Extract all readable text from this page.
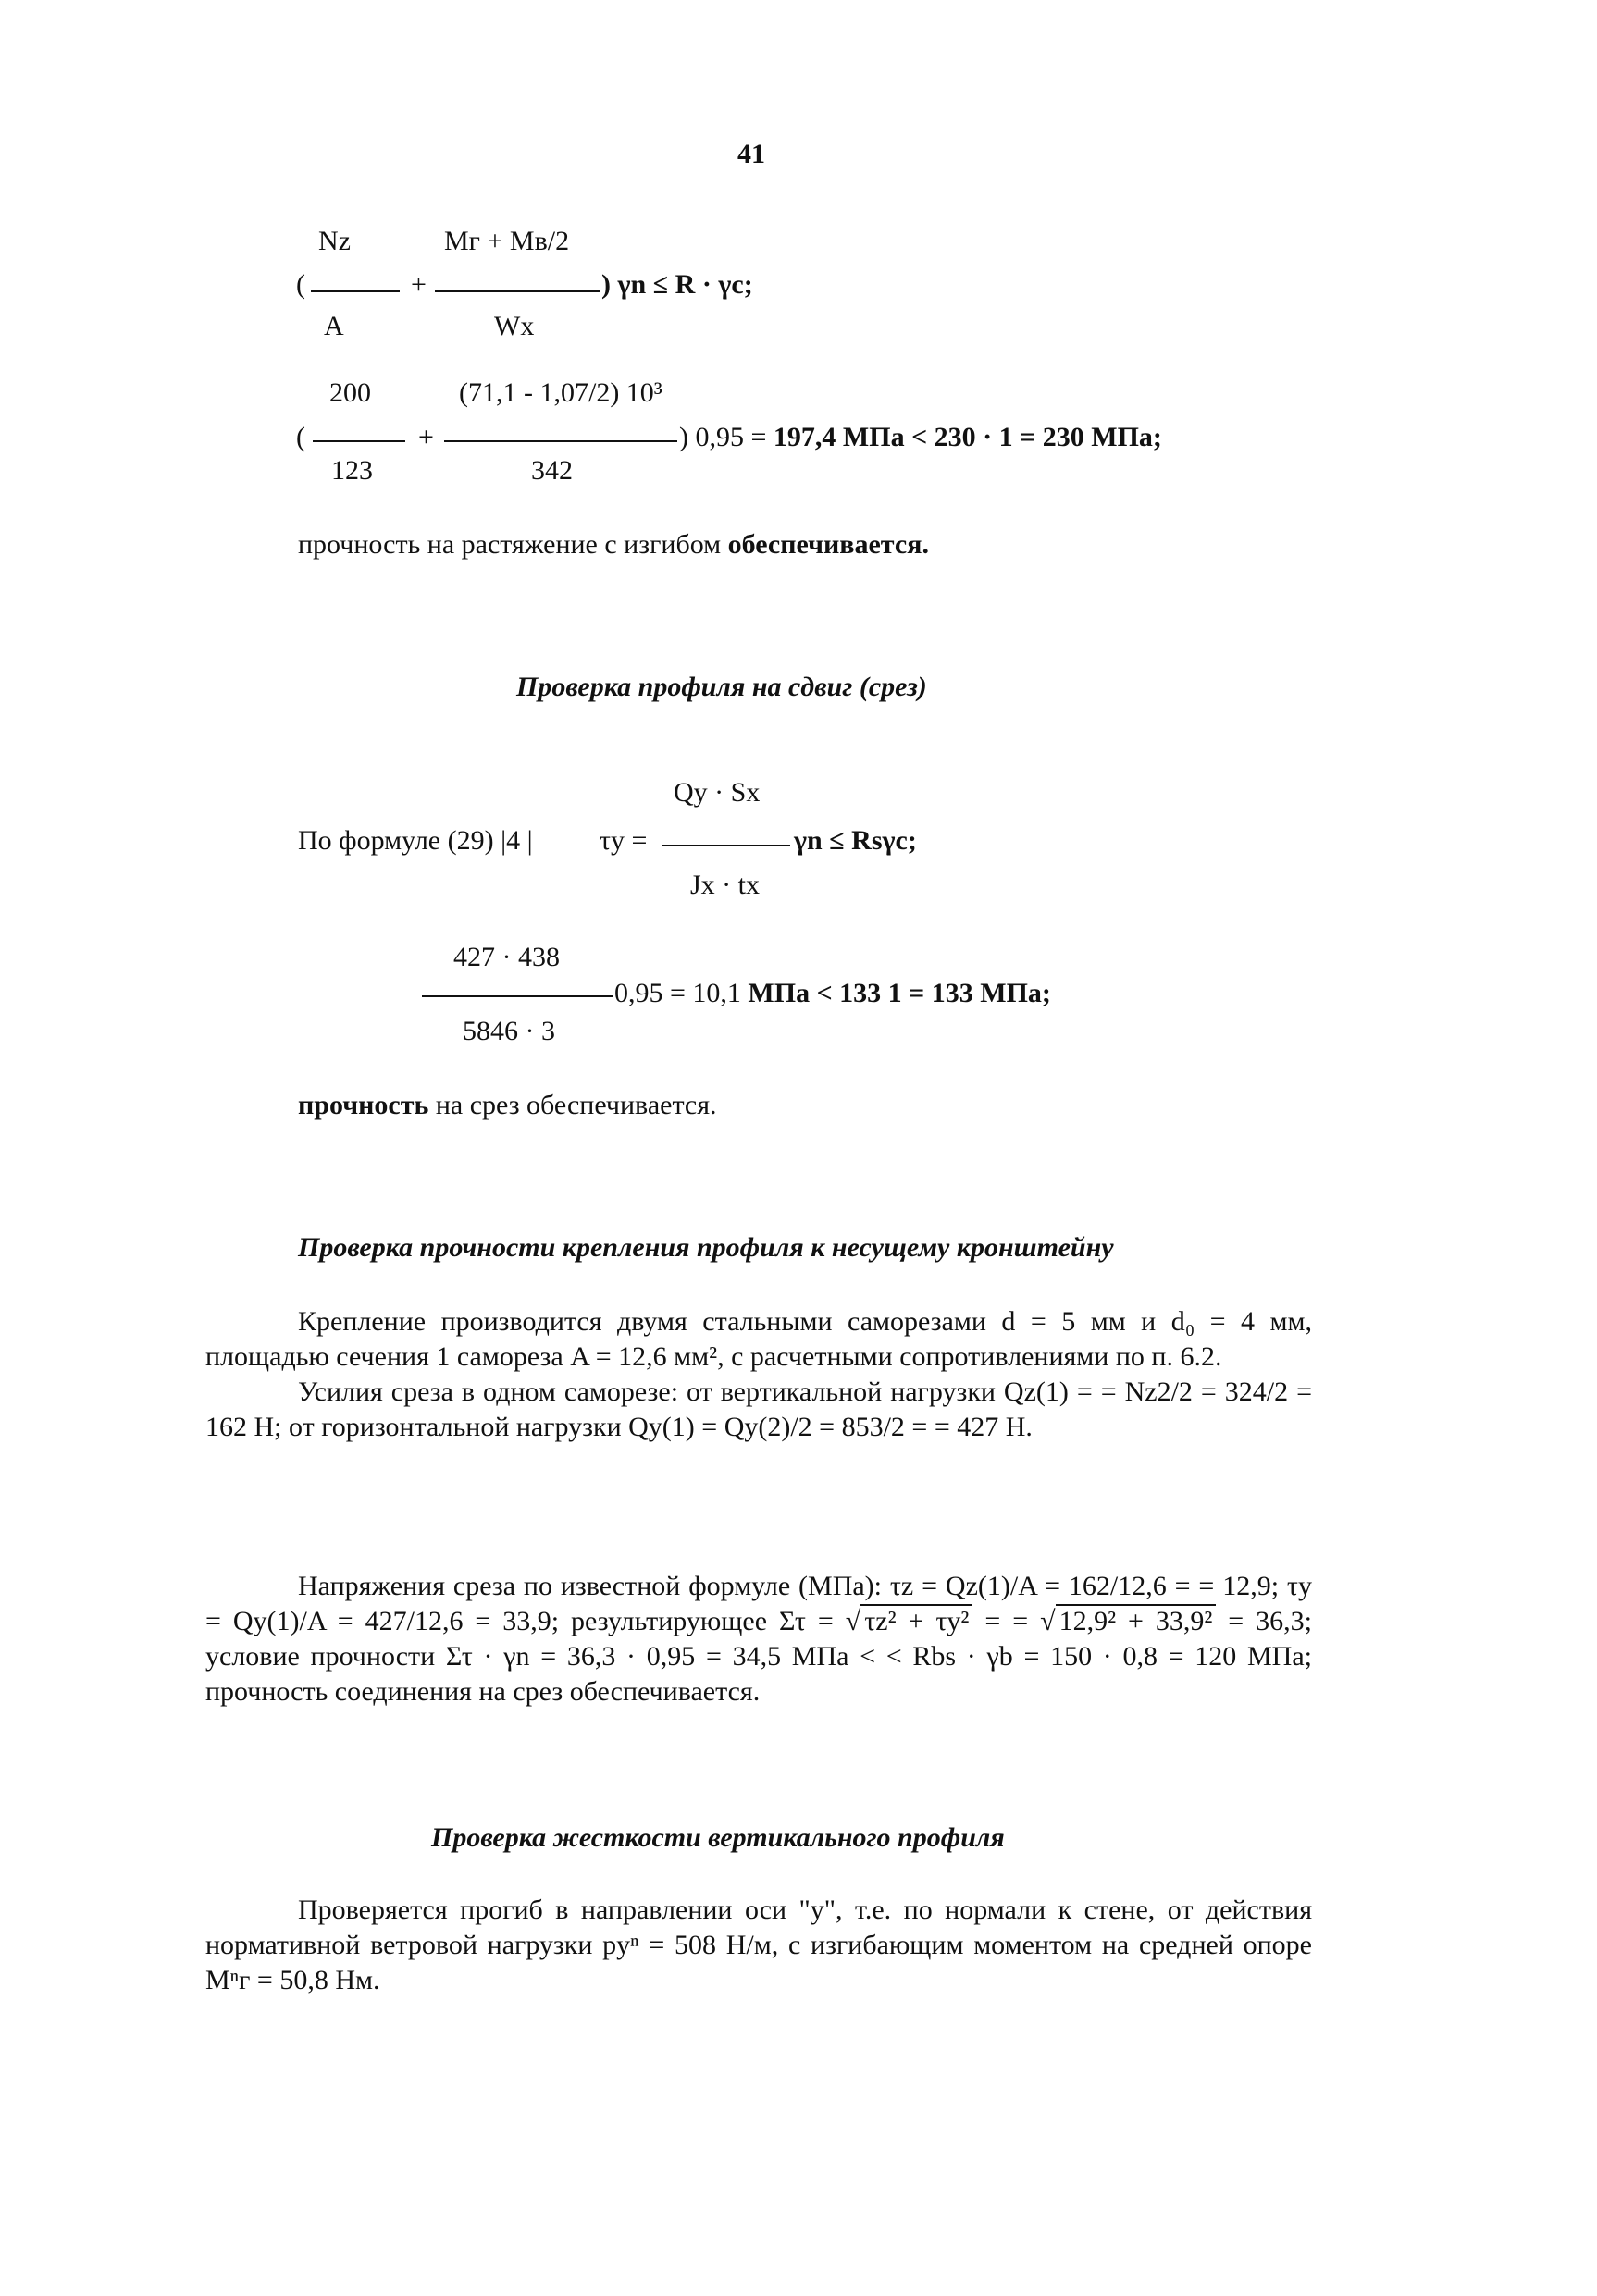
41
Nz	Mг + Mв/2
(	+	) γn ≤ R · γc;
A	Wx
200	(71,1 - 1,07/2) 10³
(	+	) 0,95 = 197,4 МПа < 230 · 1 = 230 МПа;
123	342
прочность на растяжение с изгибом обеспечивается.
Проверка профиля на сдвиг (срез)
Qy · Sx
По формуле (29) |4 | τy =	γn ≤ Rsγc;
Jx · tx
427 · 438
0,95 = 10,1 МПа < 133 1 = 133 МПа;
5846 · 3
прочность на срез обеспечивается.
Проверка прочности крепления профиля к несущему кронштейну

Крепление производится двумя стальными саморезами d = 5 мм и d₀ = 4 мм, площадью сечения 1 самореза A = 12,6 мм², с расчетными сопротивлениями по п. 6.2.

Усилия среза в одном саморезе: от вертикальной нагрузки Qz(1) = = Nz2/2 = 324/2 = 162 Н; от горизонтальной нагрузки Qy(1) = Qy(2)/2 = 853/2 = = 427 Н.

Напряжения среза по известной формуле (МПа): τz = Qz(1)/A = 162/12,6 = = 12,9; τy = Qy(1)/A = 427/12,6 = 33,9; результирующее Στ = √ τz² + τy² = = √ 12,9² + 33,9² = 36,3; условие прочности Στ · γn = 36,3 · 0,95 = 34,5 МПа < < Rbs · γb = 150 · 0,8 = 120 МПа; прочность соединения на срез обеспечивается.

Проверка жесткости вертикального профиля

Проверяется прогиб в направлении оси "y", т.е. по нормали к стене, от действия нормативной ветровой нагрузки pyⁿ = 508 Н/м, с изгибающим моментом на средней опоре Mⁿг = 50,8 Нм.
